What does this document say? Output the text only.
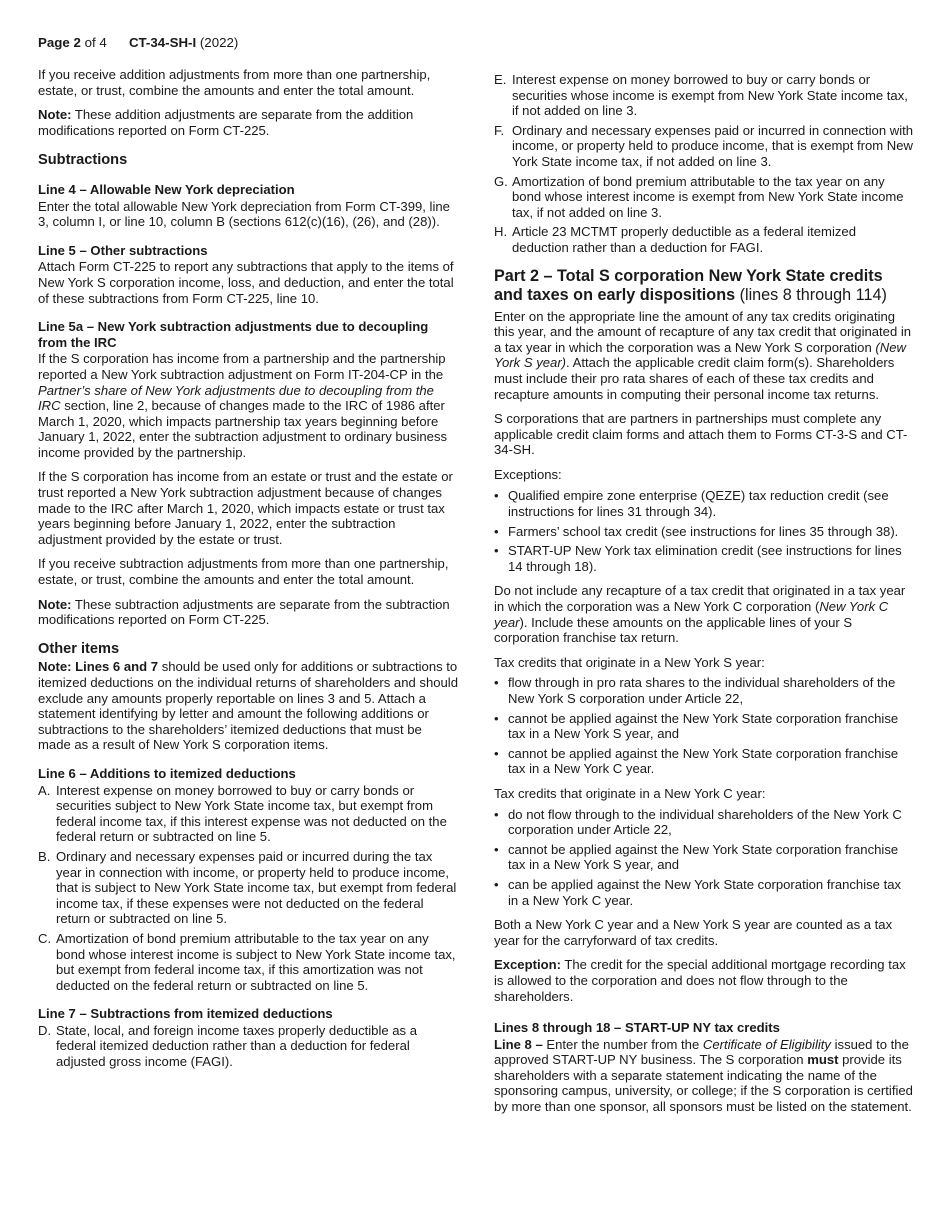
Page 2 of 4 CT-34-SH-I (2022)

If you receive addition adjustments from more than one partnership, estate, or trust, combine the amounts and enter the total amount.

Note: These addition adjustments are separate from the addition modifications reported on Form CT-225.

Subtractions
Line 4 – Allowable New York depreciation

Enter the total allowable New York depreciation from Form CT-399, line 3, column I, or line 10, column B (sections 612(c)(16), (26), and (28)).

Line 5 – Other subtractions

Attach Form CT-225 to report any subtractions that apply to the items of New York S corporation income, loss, and deduction, and enter the total of these subtractions from Form CT-225, line 10.

Line 5a – New York subtraction adjustments due to decoupling from the IRC

If the S corporation has income from a partnership and the partnership reported a New York subtraction adjustment on Form IT-204-CP in the Partner’s share of New York adjustments due to decoupling from the IRC section, line 2, because of changes made to the IRC of 1986 after March 1, 2020, which impacts partnership tax years beginning before January 1, 2022, enter the subtraction adjustment to ordinary business income provided by the partnership.

If the S corporation has income from an estate or trust and the estate or trust reported a New York subtraction adjustment because of changes made to the IRC after March 1, 2020, which impacts estate or trust tax years beginning before January 1, 2022, enter the subtraction adjustment provided by the estate or trust.

If you receive subtraction adjustments from more than one partnership, estate, or trust, combine the amounts and enter the total amount.

Note: These subtraction adjustments are separate from the subtraction modifications reported on Form CT-225.

Other items

Note: Lines 6 and 7 should be used only for additions or subtractions to itemized deductions on the individual returns of shareholders and should exclude any amounts properly reportable on lines 3 and 5. Attach a statement identifying by letter and amount the following additions or subtractions to the shareholders’ itemized deductions that must be made as a result of New York S corporation items.

Line 6 – Additions to itemized deductions
A. Interest expense on money borrowed to buy or carry bonds or securities subject to New York State income tax, but exempt from federal income tax, if this interest expense was not deducted on the federal return or subtracted on line 5.
B. Ordinary and necessary expenses paid or incurred during the tax year in connection with income, or property held to produce income, that is subject to New York State income tax, but exempt from federal income tax, if these expenses were not deducted on the federal return or subtracted on line 5.
C. Amortization of bond premium attributable to the tax year on any bond whose interest income is subject to New York State income tax, but exempt from federal income tax, if this amortization was not deducted on the federal return or subtracted on line 5.
Line 7 – Subtractions from itemized deductions
D. State, local, and foreign income taxes properly deductible as a federal itemized deduction rather than a deduction for federal adjusted gross income (FAGI).
E. Interest expense on money borrowed to buy or carry bonds or securities whose income is exempt from New York State income tax, if not added on line 3.
F. Ordinary and necessary expenses paid or incurred in connection with income, or property held to produce income, that is exempt from New York State income tax, if not added on line 3.
G. Amortization of bond premium attributable to the tax year on any bond whose interest income is exempt from New York State income tax, if not added on line 3.
H. Article 23 MCTMT properly deductible as a federal itemized deduction rather than a deduction for FAGI.
Part 2 – Total S corporation New York State credits and taxes on early dispositions (lines 8 through 114)

Enter on the appropriate line the amount of any tax credits originating this year, and the amount of recapture of any tax credit that originated in a tax year in which the corporation was a New York S corporation (New York S year). Attach the applicable credit claim form(s). Shareholders must include their pro rata shares of each of these tax credits and recapture amounts in computing their personal income tax returns.

S corporations that are partners in partnerships must complete any applicable credit claim forms and attach them to Forms CT-3-S and CT-34-SH.

Exceptions:

• Qualified empire zone enterprise (QEZE) tax reduction credit (see instructions for lines 31 through 34).
• Farmers’ school tax credit (see instructions for lines 35 through 38).
• START-UP New York tax elimination credit (see instructions for lines 14 through 18).

Do not include any recapture of a tax credit that originated in a tax year in which the corporation was a New York C corporation (New York C year). Include these amounts on the applicable lines of your S corporation franchise tax return.

Tax credits that originate in a New York S year:

• flow through in pro rata shares to the individual shareholders of the New York S corporation under Article 22,
• cannot be applied against the New York State corporation franchise tax in a New York S year, and
• cannot be applied against the New York State corporation franchise tax in a New York C year.

Tax credits that originate in a New York C year:

• do not flow through to the individual shareholders of the New York C corporation under Article 22,
• cannot be applied against the New York State corporation franchise tax in a New York S year, and
• can be applied against the New York State corporation franchise tax in a New York C year.

Both a New York C year and a New York S year are counted as a tax year for the carryforward of tax credits.

Exception: The credit for the special additional mortgage recording tax is allowed to the corporation and does not flow through to the shareholders.

Lines 8 through 18 – START-UP NY tax credits

Line 8 – Enter the number from the Certificate of Eligibility issued to the approved START-UP NY business. The S corporation must provide its shareholders with a separate statement indicating the name of the sponsoring campus, university, or college; if the S corporation is certified by more than one sponsor, all sponsors must be listed on the statement.
